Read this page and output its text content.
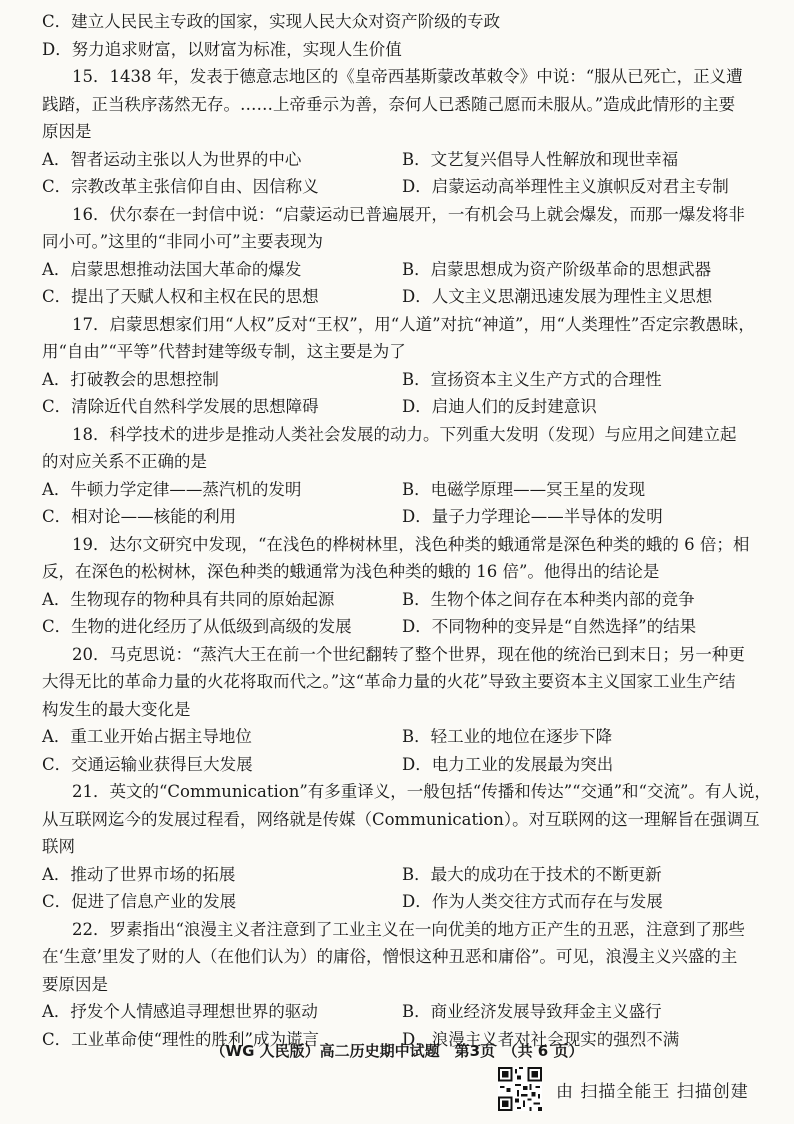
C．建立人民民主专政的国家，实现人民大众对资产阶级的专政
D．努力追求财富，以财富为标准，实现人生价值
15．1438 年，发表于德意志地区的《皇帝西基斯蒙改革敕令》中说：“服从已死亡，正义遭
践踏，正当秩序荡然无存。……上帝垂示为善，奈何人已悉随己愿而未服从。”造成此情形的主要
原因是
A．智者运动主张以人为世界的中心	B．文艺复兴倡导人性解放和现世幸福
C．宗教改革主张信仰自由、因信称义	D．启蒙运动高举理性主义旗帜反对君主专制
16．伏尔泰在一封信中说：“启蒙运动已普遍展开，一有机会马上就会爆发，而那一爆发将非
同小可。”这里的“非同小可”主要表现为
A．启蒙思想推动法国大革命的爆发	B．启蒙思想成为资产阶级革命的思想武器
C．提出了天赋人权和主权在民的思想	D．人文主义思潮迅速发展为理性主义思想
17．启蒙思想家们用“人权”反对“王权”，用“人道”对抗“神道”，用“人类理性”否定宗教愚昧，
用“自由”“平等”代替封建等级专制，这主要是为了
A．打破教会的思想控制	B．宣扬资本主义生产方式的合理性
C．清除近代自然科学发展的思想障碍	D．启迪人们的反封建意识
18．科学技术的进步是推动人类社会发展的动力。下列重大发明（发现）与应用之间建立起
的对应关系不正确的是
A．牛顿力学定律——蒸汽机的发明	B．电磁学原理——冥王星的发现
C．相对论——核能的利用	D．量子力学理论——半导体的发明
19．达尔文研究中发现，“在浅色的桦树林里，浅色种类的蛾通常是深色种类的蛾的 6 倍；相
反，在深色的松树林，深色种类的蛾通常为浅色种类的蛾的 16 倍”。他得出的结论是
A．生物现存的物种具有共同的原始起源	B．生物个体之间存在本种类内部的竞争
C．生物的进化经历了从低级到高级的发展	D．不同物种的变异是“自然选择”的结果
20．马克思说：“蒸汽大王在前一个世纪翻转了整个世界，现在他的统治已到末日；另一种更
大得无比的革命力量的火花将取而代之。”这“革命力量的火花”导致主要资本主义国家工业生产结
构发生的最大变化是
A．重工业开始占据主导地位	B．轻工业的地位在逐步下降
C．交通运输业获得巨大发展	D．电力工业的发展最为突出
21．英文的“Communication”有多重译义，一般包括“传播和传达”“交通”和“交流”。有人说，
从互联网迄今的发展过程看，网络就是传媒（Communication）。对互联网的这一理解旨在强调互
联网
A．推动了世界市场的拓展	B．最大的成功在于技术的不断更新
C．促进了信息产业的发展	D．作为人类交往方式而存在与发展
22．罗素指出“浪漫主义者注意到了工业主义在一向优美的地方正产生的丑恶，注意到了那些
在‘生意’里发了财的人（在他们认为）的庸俗，憎恨这种丑恶和庸俗”。可见，浪漫主义兴盛的主
要原因是
A．抒发个人情感追寻理想世界的驱动	B．商业经济发展导致拜金主义盛行
C．工业革命使“理性的胜利”成为谎言	D．浪漫主义者对社会现实的强烈不满
（WG 人民版）高二历史期中试题　第3页　（共 6 页）
由 扫描全能王 扫描创建
